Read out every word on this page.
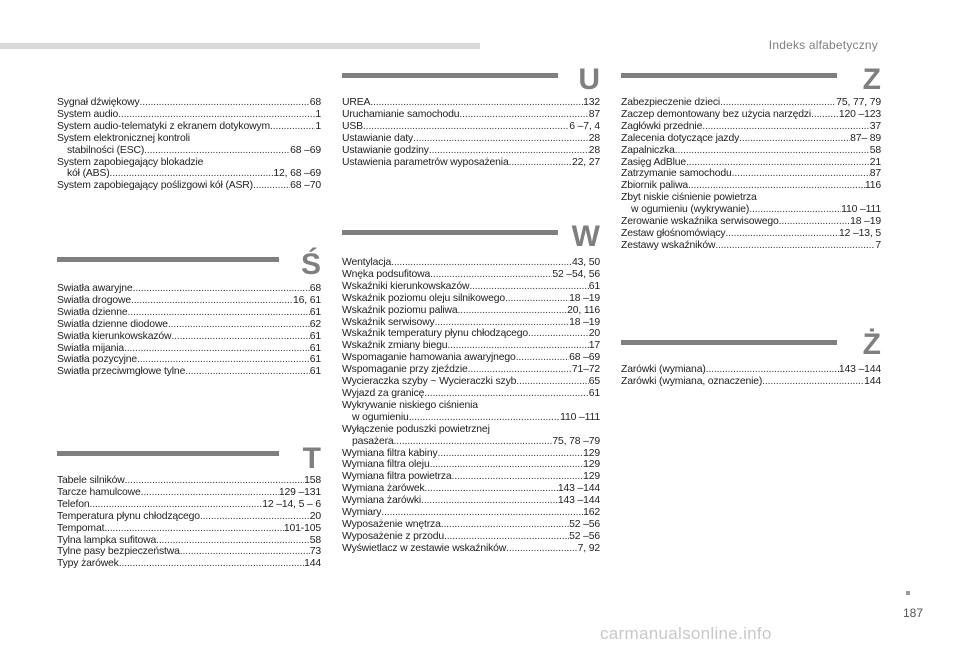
Indeks alfabetyczny
Sygnał dźwiękowy .....	68
System audio .....	1
System audio-telematyki z ekranem dotykowym .....	1
System elektronicznej kontroli
stabilności (ESC) .....	68 –69
System zapobiegający blokadzie
kół (ABS) .....	12, 68 –69
System zapobiegający poślizgowi kół (ASR) .....	68 –70
Ś
Światła awaryjne .....	68
Światła drogowe .....	16, 61
Światła dzienne .....	61
Światła dzienne diodowe .....	62
Światła kierunkowskazów .....	61
Światła mijania .....	61
Światła pozycyjne .....	61
Światła przeciwmgłowe tylne .....	61
T
Tabele silników .....	158
Tarcze hamulcowe .....	129 –131
Telefon .....	12 –14, 5 – 6
Temperatura płynu chłodzącego .....	20
Tempomat .....	101-105
Tylna lampka sufitowa .....	58
Tylne pasy bezpieczeństwa .....	73
Typy żarówek .....	144
U
UREA .....	132
Uruchamianie samochodu .....	87
USB .....	6 –7, 4
Ustawianie daty .....	28
Ustawianie godziny .....	28
Ustawienia parametrów wyposażenia .....	22, 27
W
Wentylacja .....	43, 50
Wnęka podsufitowa .....	52 –54, 56
Wskaźniki kierunkowskazów .....	61
Wskaźnik poziomu oleju silnikowego .....	18 –19
Wskaźnik poziomu paliwa .....	20, 116
Wskaźnik serwisowy .....	18 –19
Wskaźnik temperatury płynu chłodzącego .....	20
Wskaźnik zmiany biegu .....	17
Wspomaganie hamowania awaryjnego .....	68 –69
Wspomaganie przy zjeździe .....	71–72
Wycieraczka szyby ~ Wycieraczki szyb .....	65
Wyjazd za granicę .....	61
Wykrywanie niskiego ciśnienia
w ogumieniu .....	110 –111
Wyłączenie poduszki powietrznej
pasażera .....	75, 78 –79
Wymiana filtra kabiny .....	129
Wymiana filtra oleju .....	129
Wymiana filtra powietrza .....	129
Wymiana żarówek .....	143 –144
Wymiana żarówki .....	143 –144
Wymiary .....	162
Wyposażenie wnętrza .....	52 –56
Wyposażenie z przodu .....	52 –56
Wyświetlacz w zestawie wskaźników .....	7, 92
Z
Zabezpieczenie dzieci .....	75, 77, 79
Zaczep demontowany bez użycia narzędzi .....	120 –123
Zagłówki przednie .....	37
Zalecenia dotyczące jazdy .....	87– 89
Zapalniczka .....	58
Zasięg AdBlue .....	21
Zatrzymanie samochodu .....	87
Zbiornik paliwa .....	116
Zbyt niskie ciśnienie powietrza
w ogumieniu (wykrywanie) .....	110 –111
Zerowanie wskaźnika serwisowego .....	18 –19
Zestaw głośnomówiący .....	12 –13, 5
Zestawy wskaźników .....	7
Ż
Żarówki (wymiana) .....	143 –144
Żarówki (wymiana, oznaczenie) .....	144
187
carmanualsonline.info
